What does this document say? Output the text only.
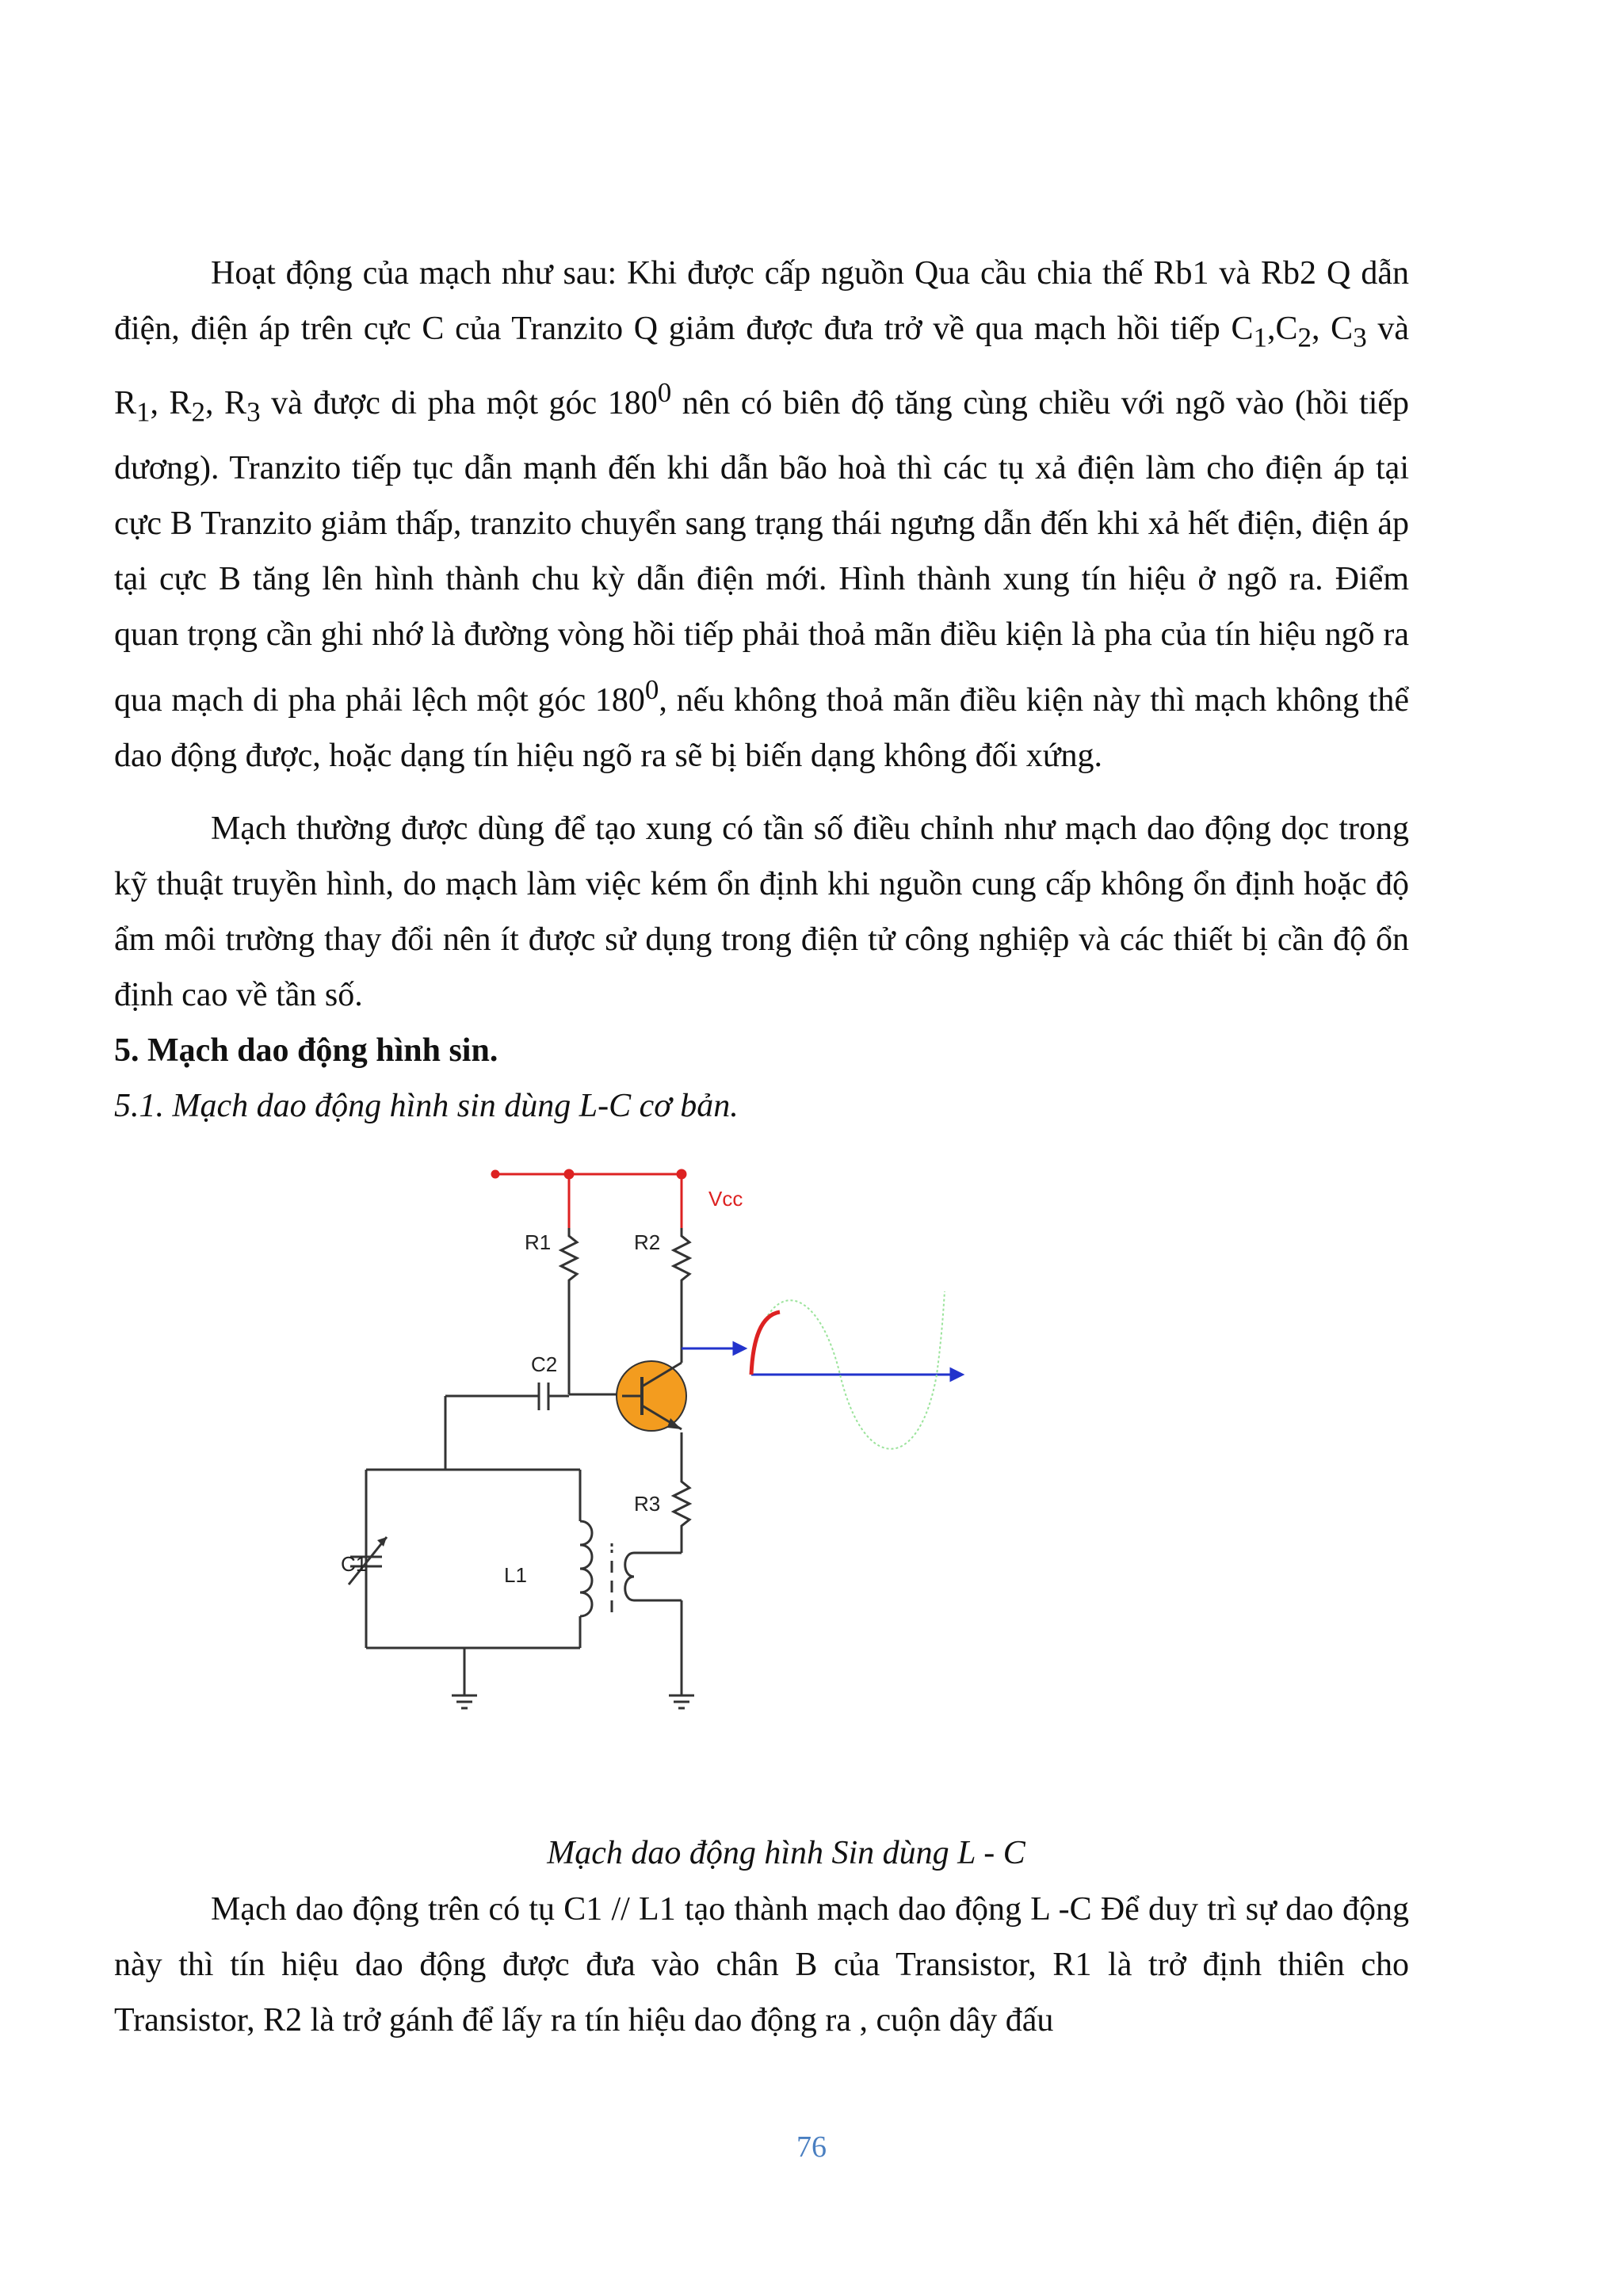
Hoạt động của mạch như sau: Khi được cấp nguồn Qua cầu chia thế Rb1 và Rb2 Q dẫn điện, điện áp trên cực C của Tranzito Q giảm được đưa trở về qua mạch hồi tiếp $C_1,C_2$, $C_3$ và $R_1$, $R_2$, $R_3$ và được di pha một góc $180^0$ nên có biên độ tăng cùng chiều với ngõ vào (hồi tiếp dương). Tranzito tiếp tục dẫn mạnh đến khi dẫn bão hoà thì các tụ xả điện làm cho điện áp tại cực B Tranzito giảm thấp, tranzito chuyển sang trạng thái ngưng dẫn đến khi xả hết điện, điện áp tại cực B tăng lên hình thành chu kỳ dẫn điện mới. Hình thành xung tín hiệu ở ngõ ra. Điểm quan trọng cần ghi nhớ là đường vòng hồi tiếp phải thoả mãn điều kiện là pha của tín hiệu ngõ ra qua mạch di pha phải lệch một góc $180^0$, nếu không thoả mãn điều kiện này thì mạch không thể dao động được, hoặc dạng tín hiệu ngõ ra sẽ bị biến dạng không đối xứng.

Mạch thường được dùng để tạo xung có tần số điều chỉnh như mạch dao động dọc trong kỹ thuật truyền hình, do mạch làm việc kém ổn định khi nguồn cung cấp không ổn định hoặc độ ẩm môi trường thay đổi nên ít được sử dụng trong điện tử công nghiệp và các thiết bị cần độ ổn định cao về tần số.

5. Mạch dao động hình sin.

5.1. Mạch dao động hình sin dùng L-C cơ bản.

Mạch dao động hình Sin dùng L - C

Mạch dao động trên có tụ C1 // L1 tạo thành mạch dao động L -C Để duy trì sự dao động này thì tín hiệu dao động được đưa vào chân B của Transistor, R1 là trở định thiên cho Transistor, R2 là trở gánh để lấy ra tín hiệu dao động ra , cuộn dây đấu

Vcc
R1	R2
C2
R3
C1	L1
76
